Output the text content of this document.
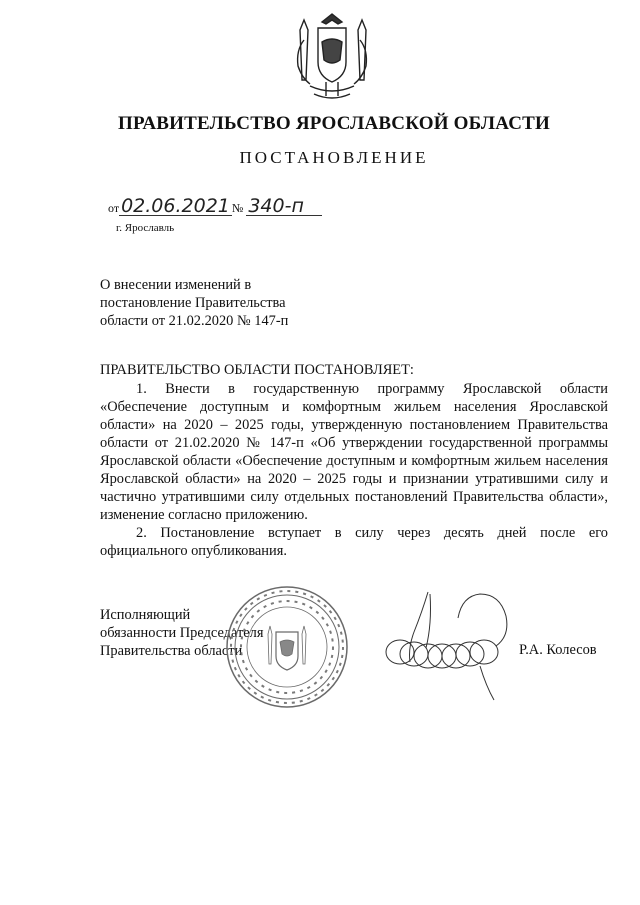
ПРАВИТЕЛЬСТВО ЯРОСЛАВСКОЙ ОБЛАСТИ
ПОСТАНОВЛЕНИЕ
от 02.06.2021 № 340-п
г. Ярославль
О внесении изменений в
постановление Правительства
области от 21.02.2020 № 147-п
ПРАВИТЕЛЬСТВО ОБЛАСТИ ПОСТАНОВЛЯЕТ:

1. Внести в государственную программу Ярославской области «Обеспечение доступным и комфортным жильем населения Ярославской области» на 2020 – 2025 годы, утвержденную постановлением Правительства области от 21.02.2020 № 147-п «Об утверждении государственной программы Ярославской области «Обеспечение доступным и комфортным жильем населения Ярославской области» на 2020 – 2025 годы и признании утратившими силу и частично утратившими силу отдельных постановлений Правительства области», изменение согласно приложению.

2. Постановление вступает в силу через десять дней после его официального опубликования.

Исполняющий
обязанности Председателя
Правительства области	Р.А. Колесов
